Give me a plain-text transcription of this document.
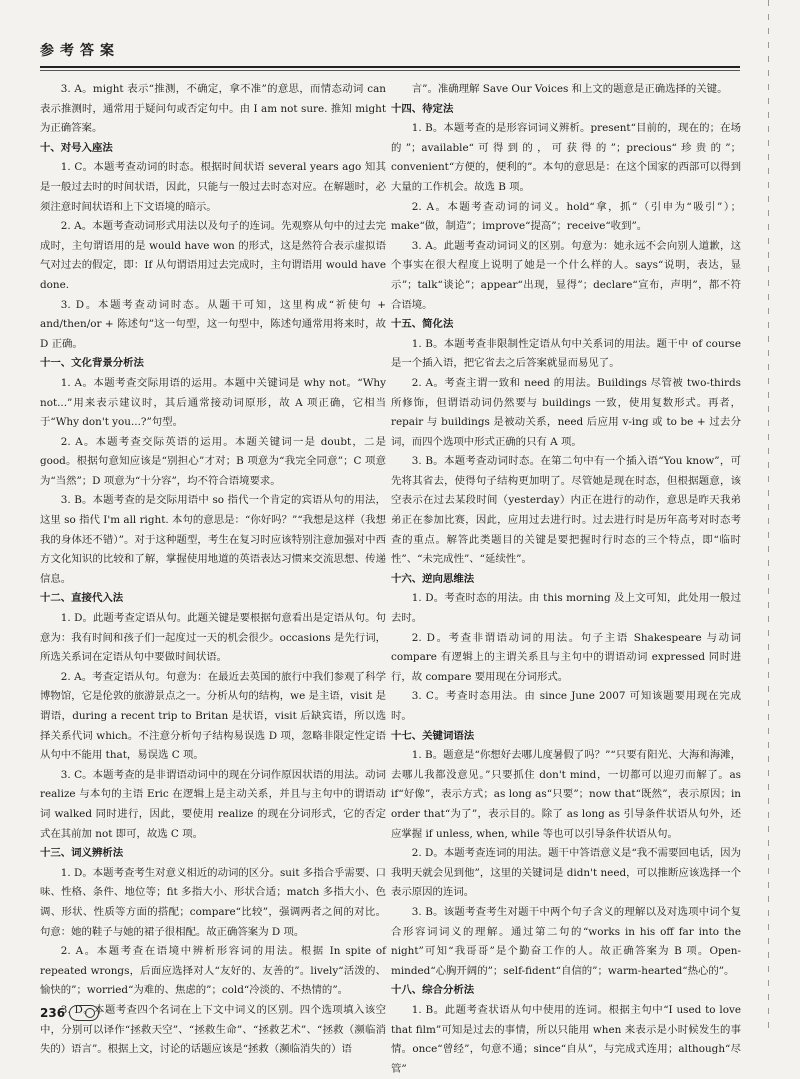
参考答案

3. A。might 表示“推测，不确定，拿不准”的意思，而情态动词 can 表示推测时，通常用于疑问句或否定句中。由 I am not sure. 推知 might 为正确答案。

十、对号入座法

1. C。本题考查动词的时态。根据时间状语 several years ago 知其是一般过去时的时间状语，因此，只能与一般过去时态对应。在解题时，必须注意时间状语和上下文语境的暗示。

2. A。本题考查动词形式用法以及句子的连词。先观察从句中的过去完成时，主句谓语用的是 would have won 的形式，这是然符合表示虚拟语气对过去的假定，即：If 从句谓语用过去完成时，主句谓语用 would have done.

3. D。本题考查动词时态。从题干可知，这里构成“祈使句 + and/then/or + 陈述句”这一句型，这一句型中，陈述句通常用将来时，故 D 正确。

十一、文化背景分析法

1. A。本题考查交际用语的运用。本题中关键词是 why not。“Why not...”用来表示建议时，其后通常接动词原形，故 A 项正确，它相当于“Why don't you...?”句型。

2. A。本题考查交际英语的运用。本题关键词一是 doubt，二是 good。根据句意知应该是“别担心”才对；B 项意为“我完全同意”；C 项意为“当然”；D 项意为“十分容”，均不符合语境要求。

3. B。本题考查的是交际用语中 so 指代一个肯定的宾语从句的用法，这里 so 指代 I'm all right. 本句的意思是：“你好吗？”“我想是这样（我想我的身体还不错）”。对于这种题型，考生在复习时应该特别注意加强对中西方文化知识的比较和了解，掌握使用地道的英语表达习惯来交流思想、传递信息。

十二、直接代入法

1. D。此题考查定语从句。此题关键是要根据句意看出是定语从句。句意为：我有时间和孩子们一起度过一天的机会很少。occasions 是先行词，所选关系词在定语从句中要做时间状语。

2. A。考查定语从句。句意为：在最近去英国的旅行中我们参观了科学博物馆，它是伦敦的旅游景点之一。分析从句的结构，we 是主语，visit 是谓语，during a recent trip to Britan 是状语，visit 后缺宾语，所以选择关系代词 which。不注意分析句子结构易误选 D 项，忽略非限定性定语从句中不能用 that，易误选 C 项。

3. C。本题考查的是非谓语动词中的现在分词作原因状语的用法。动词 realize 与本句的主语 Eric 在逻辑上是主动关系，并且与主句中的谓语动词 walked 同时进行，因此，要使用 realize 的现在分词形式，它的否定式在其前加 not 即可，故选 C 项。

十三、词义辨析法

1. D。本题考查考生对意义相近的动词的区分。suit 多指合乎需要、口味、性格、条件、地位等；fit 多指大小、形状合适；match 多指大小、色调、形状、性质等方面的搭配；compare“比较”，强调两者之间的对比。句意：她的鞋子与她的裙子很相配。故正确答案为 D 项。

2. A。本题考查在语境中辨析形容词的用法。根据 In spite of repeated wrongs，后面应选择对人“友好的、友善的”。lively“活泼的、愉快的”；worried“为难的、焦虑的”；cold“冷淡的、不热情的”。

3. D。本题考查四个名词在上下文中词义的区别。四个选项填入该空中，分别可以译作“拯救天空”、“拯救生命”、“拯救艺术”、“拯救（濒临消失的）语言”。根据上文，讨论的话题应该是“拯救（濒临消失的）语

言”。准确理解 Save Our Voices 和上文的题意是正确选择的关键。

十四、待定法

1. B。本题考查的是形容词词义辨析。present“目前的，现在的；在场的”；available“可得到的，可获得的”；precious“珍贵的”；convenient“方便的，便利的”。本句的意思是：在这个国家的西部可以得到大量的工作机会。故选 B 项。

2. A。本题考查动词的词义。hold“拿，抓”（引申为“吸引”）；make“做，制造”；improve“提高”；receive“收到”。

3. A。此题考查动词词义的区别。句意为：她永远不会向别人道歉，这个事实在很大程度上说明了她是一个什么样的人。says“说明，表达，显示”；talk“谈论”；appear“出现，显得”；declare“宣布，声明”，都不符合语境。

十五、简化法

1. B。本题考查非限制性定语从句中关系词的用法。题干中 of course 是一个插入语，把它省去之后答案就显而易见了。

2. A。考查主谓一致和 need 的用法。Buildings 尽管被 two-thirds 所修饰，但谓语动词仍然要与 buildings 一致，使用复数形式。再者，repair 与 buildings 是被动关系，need 后应用 v-ing 或 to be + 过去分词，而四个选项中形式正确的只有 A 项。

3. B。本题考查动词时态。在第二句中有一个插入语“You know”，可先将其省去，使得句子结构更加明了。尽管她是现在时态，但根据题意，该空表示在过去某段时间（yesterday）内正在进行的动作，意思是昨天我弟弟正在参加比赛，因此，应用过去进行时。过去进行时是历年高考对时态考查的重点。解答此类题目的关键是要把握时行时态的三个特点，即“临时性”、“未完成性”、“延续性”。

十六、逆向思维法

1. D。考查时态的用法。由 this morning 及上文可知，此处用一般过去时。

2. D。考查非谓语动词的用法。句子主语 Shakespeare 与动词 compare 有逻辑上的主谓关系且与主句中的谓语动词 expressed 同时进行，故 compare 要用现在分词形式。

3. C。考查时态用法。由 since June 2007 可知该题要用现在完成时。

十七、关键词语法

1. B。题意是“你想好去哪儿度暑假了吗？”“只要有阳光、大海和海滩，去哪儿我都没意见。”只要抓住 don't mind，一切都可以迎刃而解了。as if“好像”，表示方式；as long as“只要”；now that“既然”，表示原因；in order that“为了”，表示目的。除了 as long as 引导条件状语从句外，还应掌握 if unless, when, while 等也可以引导条件状语从句。

2. D。本题考查连词的用法。题干中答语意义是“我不需要回电话，因为我明天就会见到他”，这里的关键词是 didn't need，可以推断应该选择一个表示原因的连词。

3. B。该题考查考生对题干中两个句子含义的理解以及对选项中词个复合形容词词义的理解。通过第二句的“works in his off far into the night”可知“我哥哥”是个勤奋工作的人。故正确答案为 B 项。Open-minded“心胸开阔的”；self-fident“自信的”；warm-hearted“热心的”。

十八、综合分析法

1. B。此题考查状语从句中使用的连词。根据主句中“I used to love that film”可知是过去的事情，所以只能用 when 来表示是小时候发生的事情。once“曾经”，句意不通；since“自从”，与完成式连用；although“尽管”

236
